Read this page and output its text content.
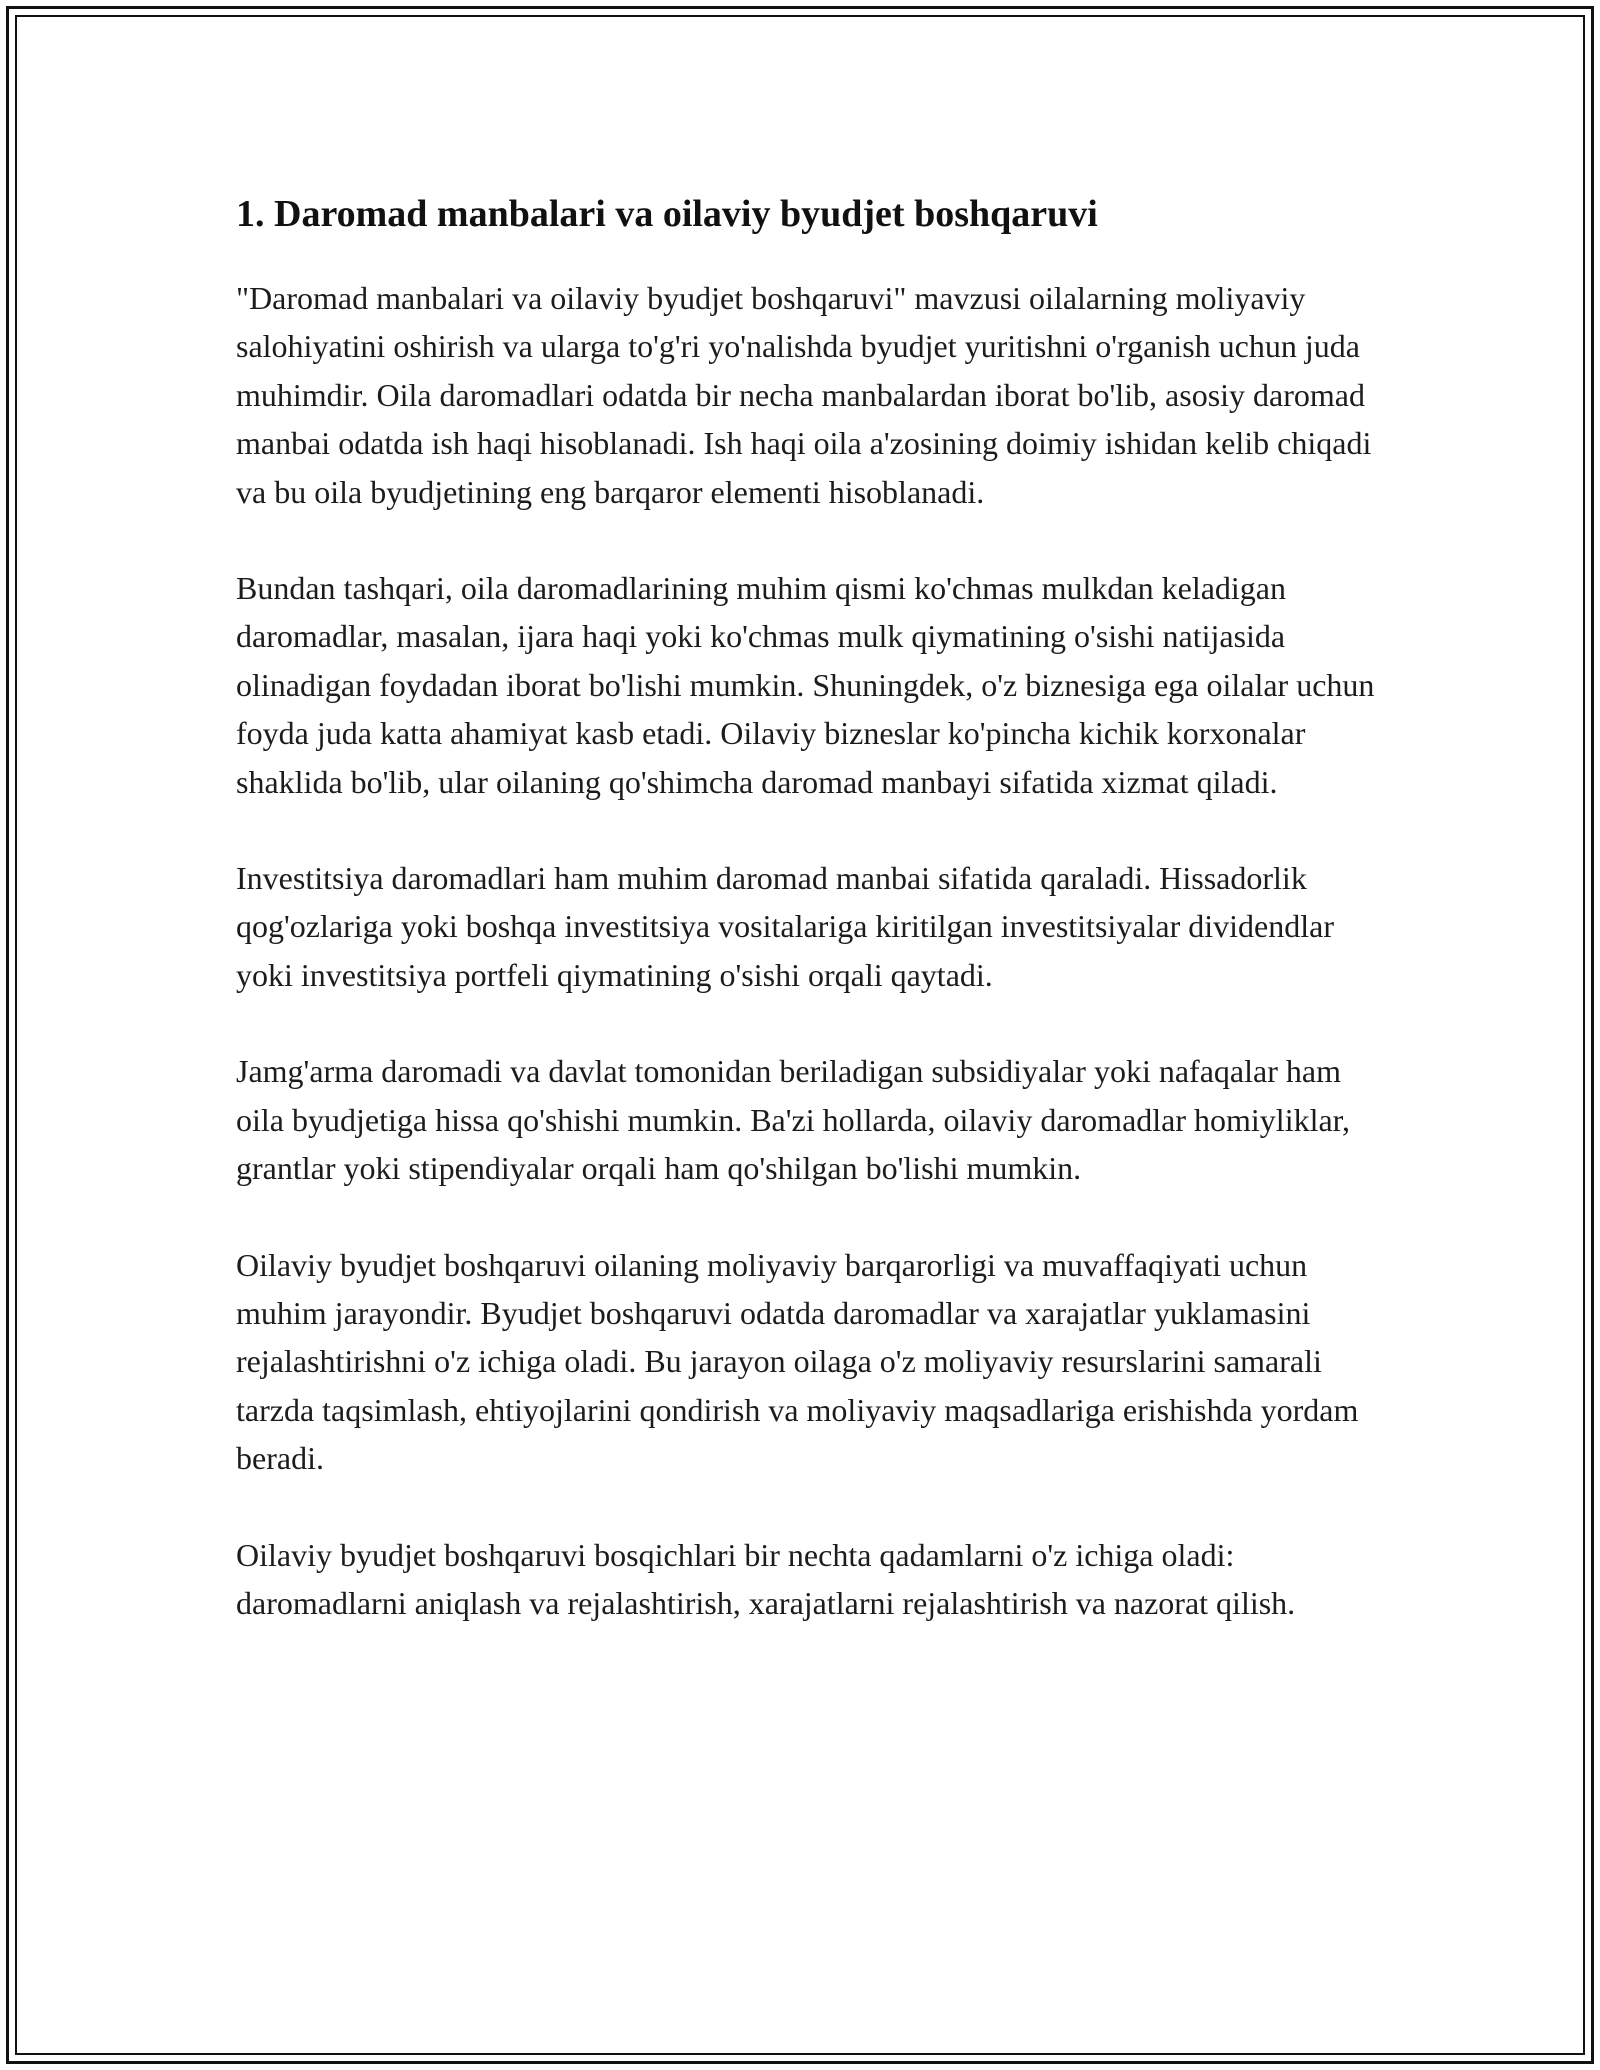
1. Daromad manbalari va oilaviy byudjet boshqaruvi

"Daromad manbalari va oilaviy byudjet boshqaruvi" mavzusi oilalarning moliyaviy salohiyatini oshirish va ularga to'g'ri yo'nalishda byudjet yuritishni o'rganish uchun juda muhimdir. Oila daromadlari odatda bir necha manbalardan iborat bo'lib, asosiy daromad manbai odatda ish haqi hisoblanadi. Ish haqi oila a'zosining doimiy ishidan kelib chiqadi va bu oila byudjetining eng barqaror elementi hisoblanadi.

Bundan tashqari, oila daromadlarining muhim qismi ko'chmas mulkdan keladigan daromadlar, masalan, ijara haqi yoki ko'chmas mulk qiymatining o'sishi natijasida olinadigan foydadan iborat bo'lishi mumkin. Shuningdek, o'z biznesiga ega oilalar uchun foyda juda katta ahamiyat kasb etadi. Oilaviy bizneslar ko'pincha kichik korxonalar shaklida bo'lib, ular oilaning qo'shimcha daromad manbayi sifatida xizmat qiladi.

Investitsiya daromadlari ham muhim daromad manbai sifatida qaraladi. Hissadorlik qog'ozlariga yoki boshqa investitsiya vositalariga kiritilgan investitsiyalar dividendlar yoki investitsiya portfeli qiymatining o'sishi orqali qaytadi.

Jamg'arma daromadi va davlat tomonidan beriladigan subsidiyalar yoki nafaqalar ham oila byudjetiga hissa qo'shishi mumkin. Ba'zi hollarda, oilaviy daromadlar homiyliklar, grantlar yoki stipendiyalar orqali ham qo'shilgan bo'lishi mumkin.

Oilaviy byudjet boshqaruvi oilaning moliyaviy barqarorligi va muvaffaqiyati uchun muhim jarayondir. Byudjet boshqaruvi odatda daromadlar va xarajatlar yuklamasini rejalashtirishni o'z ichiga oladi. Bu jarayon oilaga o'z moliyaviy resurslarini samarali tarzda taqsimlash, ehtiyojlarini qondirish va moliyaviy maqsadlariga erishishda yordam beradi.

Oilaviy byudjet boshqaruvi bosqichlari bir nechta qadamlarni o'z ichiga oladi: daromadlarni aniqlash va rejalashtirish, xarajatlarni rejalashtirish va nazorat qilish.
